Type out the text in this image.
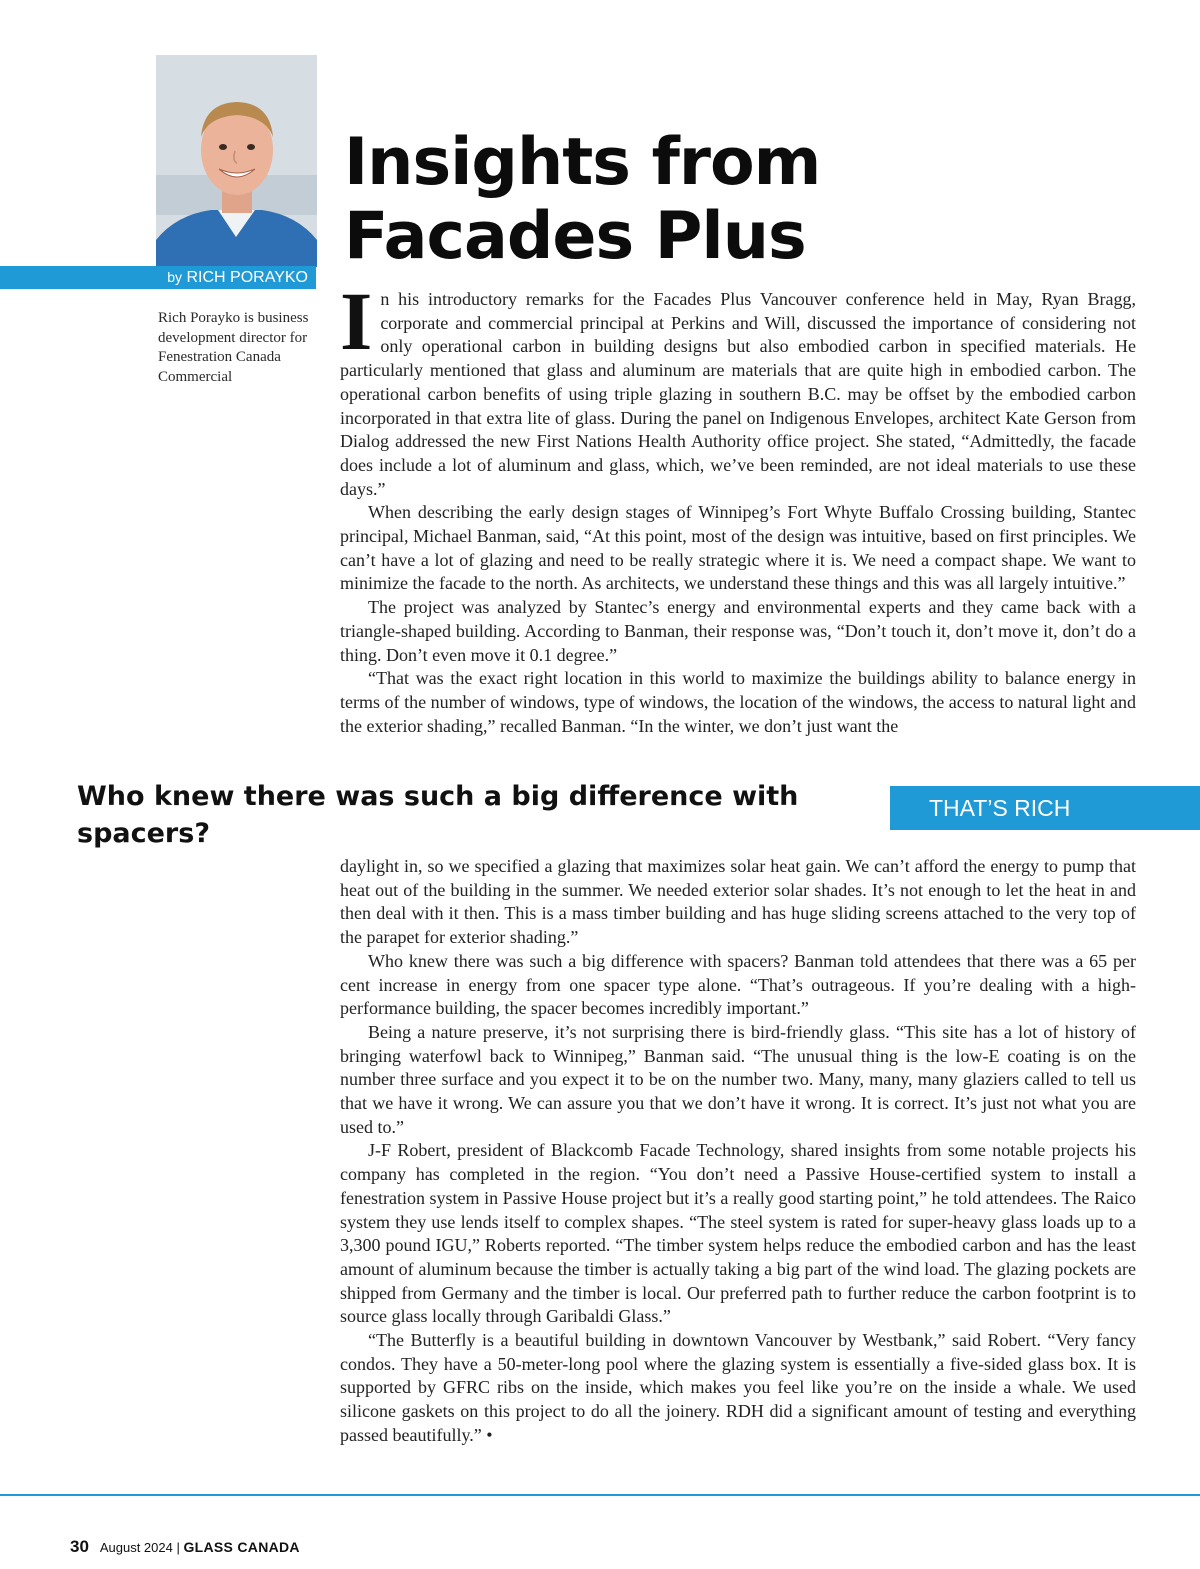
by RICH PORAYKO
Rich Porayko is business development director for Fenestration Canada Commercial
Insights from Facades Plus

In his introductory remarks for the Facades Plus Vancouver conference held in May, Ryan Bragg, corporate and commercial principal at Perkins and Will, discussed the importance of considering not only operational carbon in building designs but also embodied carbon in specified materials. He particularly mentioned that glass and aluminum are materials that are quite high in embodied carbon. The operational carbon benefits of using triple glazing in southern B.C. may be offset by the embodied carbon incorporated in that extra lite of glass. During the panel on Indigenous Envelopes, architect Kate Gerson from Dialog addressed the new First Nations Health Authority office project. She stated, “Admittedly, the facade does include a lot of aluminum and glass, which, we’ve been reminded, are not ideal materials to use these days.”

When describing the early design stages of Winnipeg’s Fort Whyte Buffalo Crossing building, Stantec principal, Michael Banman, said, “At this point, most of the design was intuitive, based on first principles. We can’t have a lot of glazing and need to be really strategic where it is. We need a compact shape. We want to minimize the facade to the north. As architects, we understand these things and this was all largely intuitive.”

The project was analyzed by Stantec’s energy and environmental experts and they came back with a triangle-shaped building. According to Banman, their response was, “Don’t touch it, don’t move it, don’t do a thing. Don’t even move it 0.1 degree.”

“That was the exact right location in this world to maximize the buildings ability to balance energy in terms of the number of windows, type of windows, the location of the windows, the access to natural light and the exterior shading,” recalled Banman. “In the winter, we don’t just want the

Who knew there was such a big difference with spacers?
THAT’S RICH

daylight in, so we specified a glazing that maximizes solar heat gain. We can’t afford the energy to pump that heat out of the building in the summer. We needed exterior solar shades. It’s not enough to let the heat in and then deal with it then. This is a mass timber building and has huge sliding screens attached to the very top of the parapet for exterior shading.”

Who knew there was such a big difference with spacers? Banman told attendees that there was a 65 per cent increase in energy from one spacer type alone. “That’s outrageous. If you’re dealing with a high-performance building, the spacer becomes incredibly important.”

Being a nature preserve, it’s not surprising there is bird-friendly glass. “This site has a lot of history of bringing waterfowl back to Winnipeg,” Banman said. “The unusual thing is the low-E coating is on the number three surface and you expect it to be on the number two. Many, many, many glaziers called to tell us that we have it wrong. We can assure you that we don’t have it wrong. It is correct. It’s just not what you are used to.”

J-F Robert, president of Blackcomb Facade Technology, shared insights from some notable projects his company has completed in the region. “You don’t need a Passive House-certified system to install a fenestration system in Passive House project but it’s a really good starting point,” he told attendees. The Raico system they use lends itself to complex shapes. “The steel system is rated for super-heavy glass loads up to a 3,300 pound IGU,” Roberts reported. “The timber system helps reduce the embodied carbon and has the least amount of aluminum because the timber is actually taking a big part of the wind load. The glazing pockets are shipped from Germany and the timber is local. Our preferred path to further reduce the carbon footprint is to source glass locally through Garibaldi Glass.”

“The Butterfly is a beautiful building in downtown Vancouver by Westbank,” said Robert. “Very fancy condos. They have a 50-meter-long pool where the glazing system is essentially a five-sided glass box. It is supported by GFRC ribs on the inside, which makes you feel like you’re on the inside a whale. We used silicone gaskets on this project to do all the joinery. RDH did a significant amount of testing and everything passed beautifully.” •

30 August 2024 | GLASS CANADA
